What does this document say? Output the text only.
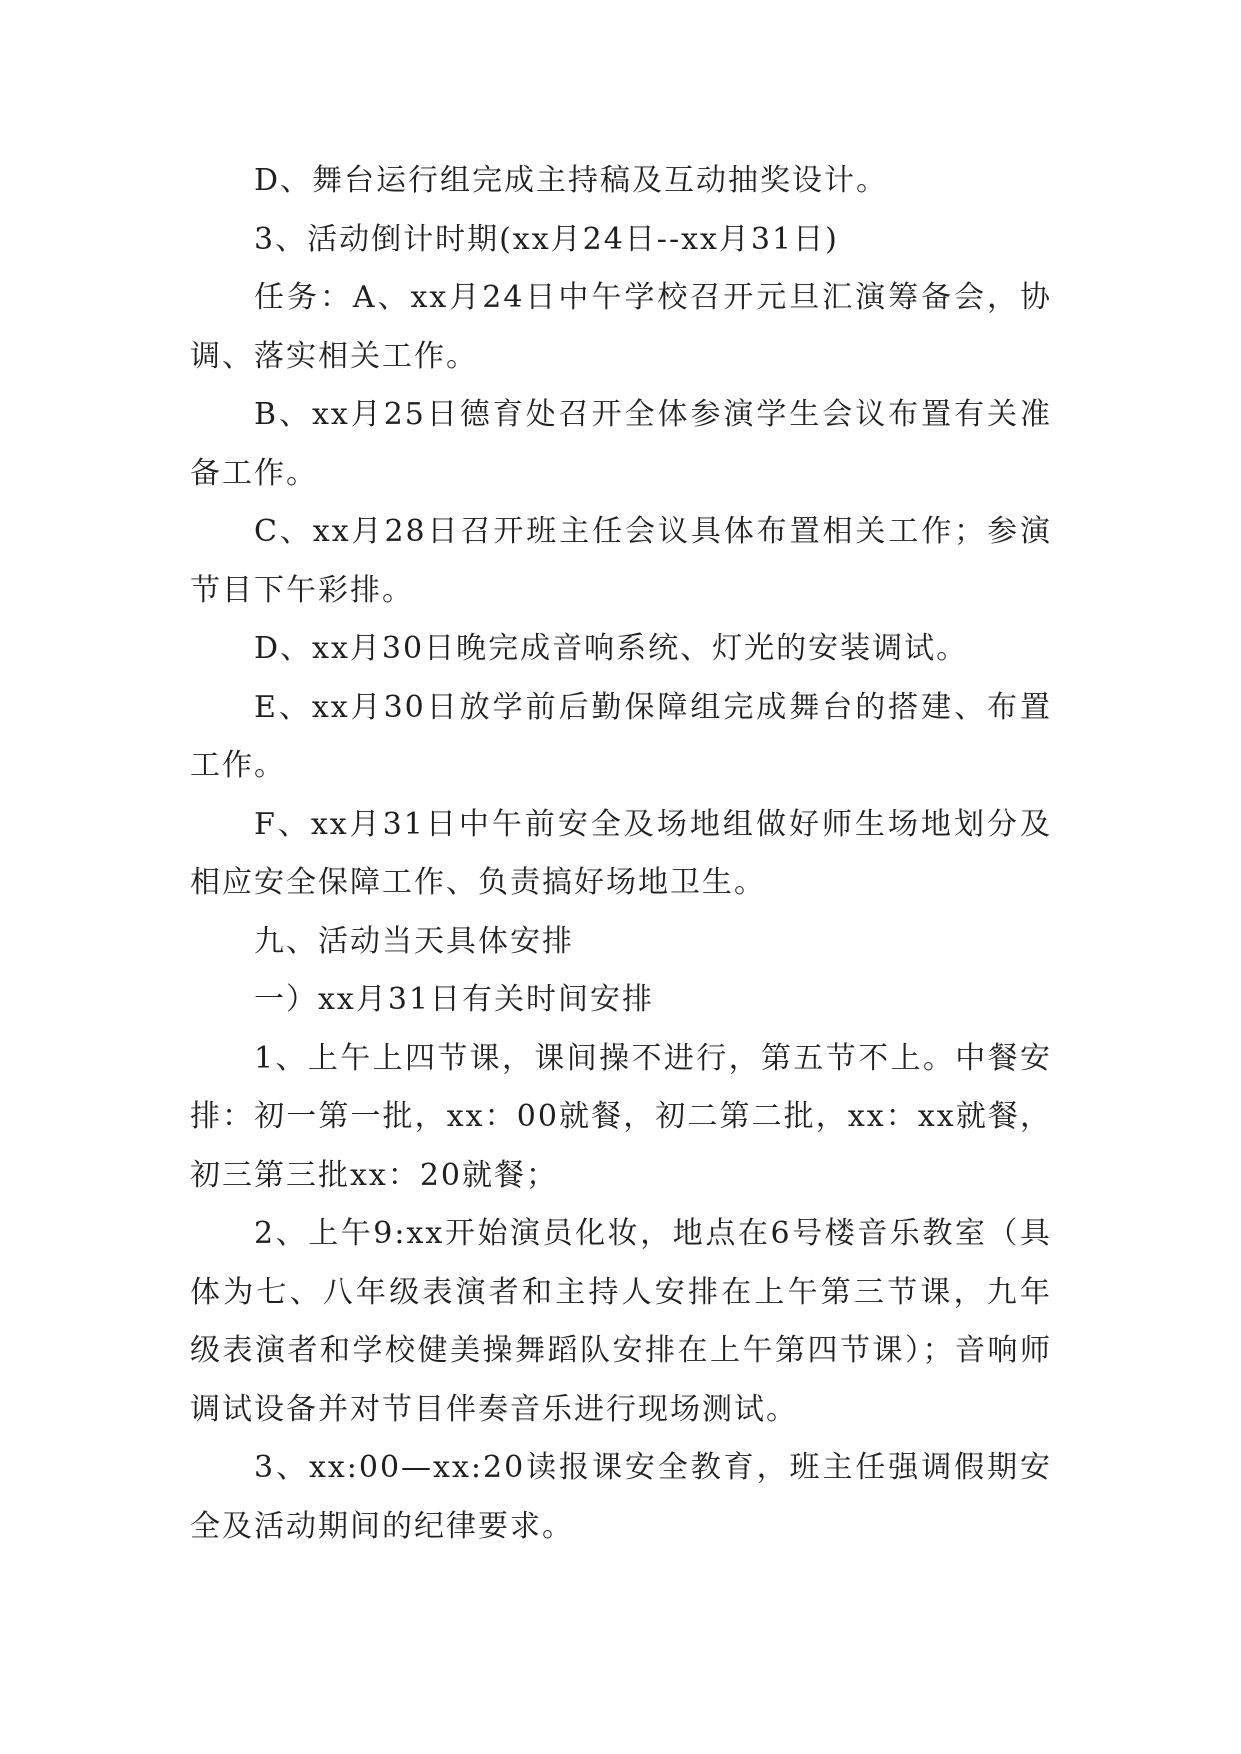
D、舞台运行组完成主持稿及互动抽奖设计。

3、活动倒计时期(xx月24日--xx月31日)

任务：A、xx月24日中午学校召开元旦汇演筹备会，协调、落实相关工作。

B、xx月25日德育处召开全体参演学生会议布置有关准备工作。

C、xx月28日召开班主任会议具体布置相关工作；参演节目下午彩排。

D、xx月30日晚完成音响系统、灯光的安装调试。

E、xx月30日放学前后勤保障组完成舞台的搭建、布置工作。

F、xx月31日中午前安全及场地组做好师生场地划分及相应安全保障工作、负责搞好场地卫生。

九、活动当天具体安排

一）xx月31日有关时间安排

1、上午上四节课，课间操不进行，第五节不上。中餐安排：初一第一批，xx：00就餐，初二第二批，xx：xx就餐，初三第三批xx：20就餐；

2、上午9:xx开始演员化妆，地点在6号楼音乐教室（具体为七、八年级表演者和主持人安排在上午第三节课，九年级表演者和学校健美操舞蹈队安排在上午第四节课）；音响师调试设备并对节目伴奏音乐进行现场测试。

3、xx:00—xx:20读报课安全教育，班主任强调假期安全及活动期间的纪律要求。
